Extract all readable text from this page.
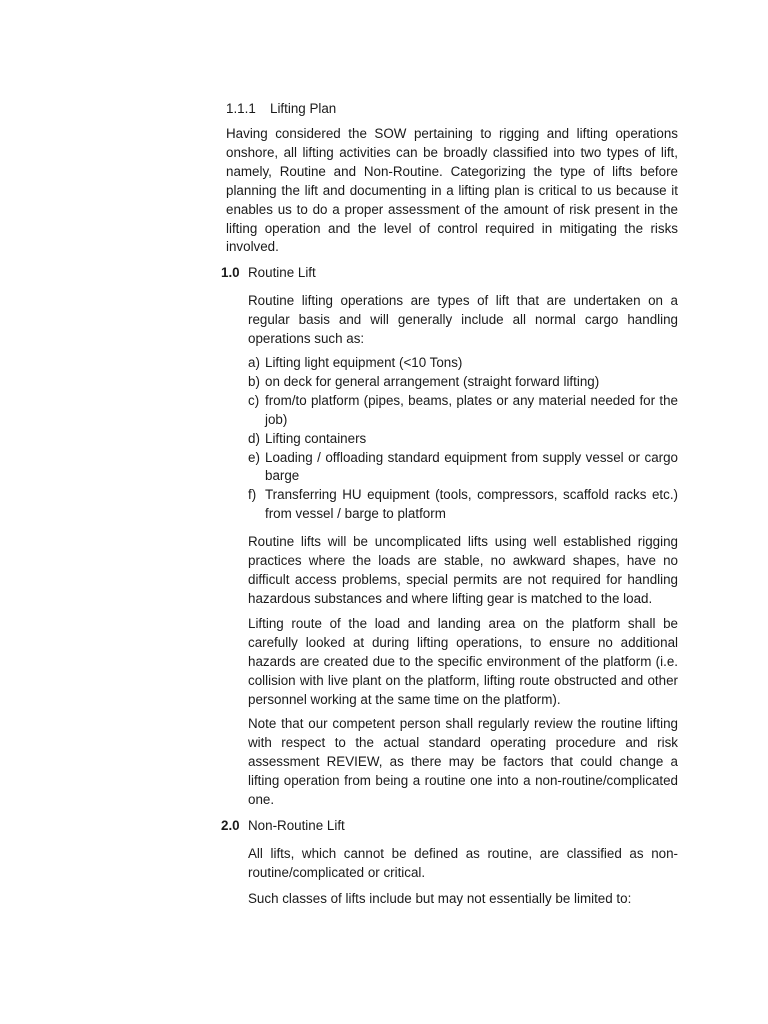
1.1.1 Lifting Plan

Having considered the SOW pertaining to rigging and lifting operations onshore, all lifting activities can be broadly classified into two types of lift, namely, Routine and Non-Routine. Categorizing the type of lifts before planning the lift and documenting in a lifting plan is critical to us because it enables us to do a proper assessment of the amount of risk present in the lifting operation and the level of control required in mitigating the risks involved.

1.0 Routine Lift

Routine lifting operations are types of lift that are undertaken on a regular basis and will generally include all normal cargo handling operations such as:

a) Lifting light equipment (<10 Tons)
b) on deck for general arrangement (straight forward lifting)
c) from/to platform (pipes, beams, plates or any material needed for the job)
d) Lifting containers
e) Loading / offloading standard equipment from supply vessel or cargo barge
f) Transferring HU equipment (tools, compressors, scaffold racks etc.) from vessel / barge to platform

Routine lifts will be uncomplicated lifts using well established rigging practices where the loads are stable, no awkward shapes, have no difficult access problems, special permits are not required for handling hazardous substances and where lifting gear is matched to the load.

Lifting route of the load and landing area on the platform shall be carefully looked at during lifting operations, to ensure no additional hazards are created due to the specific environment of the platform (i.e. collision with live plant on the platform, lifting route obstructed and other personnel working at the same time on the platform).

Note that our competent person shall regularly review the routine lifting with respect to the actual standard operating procedure and risk assessment REVIEW, as there may be factors that could change a lifting operation from being a routine one into a non-routine/complicated one.

2.0 Non-Routine Lift

All lifts, which cannot be defined as routine, are classified as non-routine/complicated or critical.

Such classes of lifts include but may not essentially be limited to:
